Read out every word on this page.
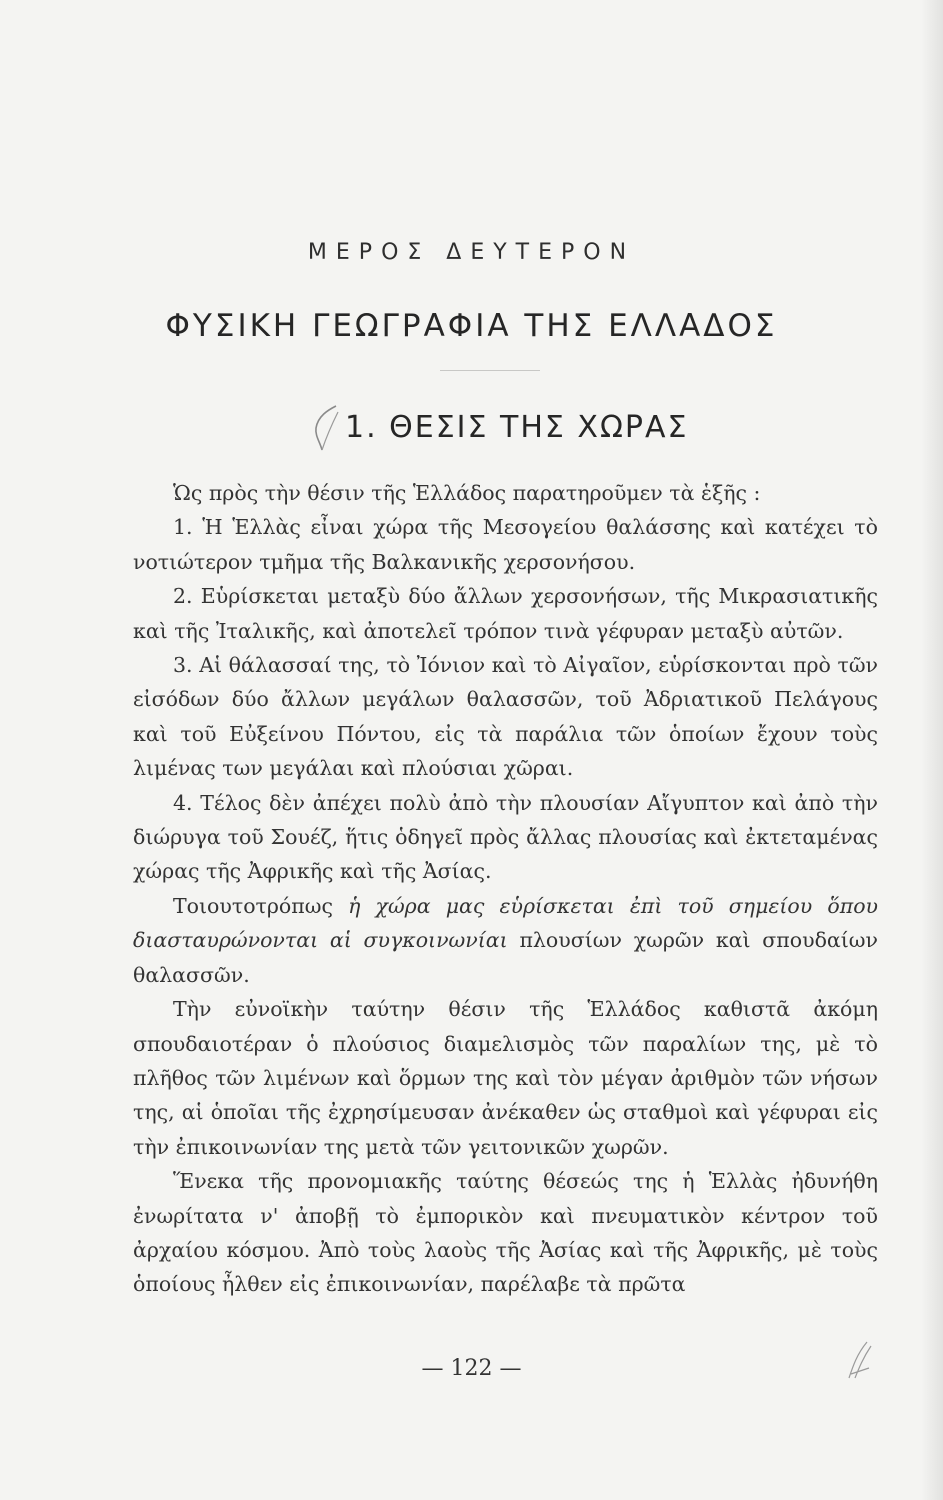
ΜΕΡΟΣ ΔΕΥΤΕΡΟΝ
ΦΥΣΙΚΗ ΓΕΩΓΡΑΦΙΑ ΤΗΣ ΕΛΛΑΔΟΣ
1. ΘΕΣΙΣ ΤΗΣ ΧΩΡΑΣ

Ὡς πρὸς τὴν θέσιν τῆς Ἑλλάδος παρατηροῦμεν τὰ ἑξῆς :

1. Ἡ Ἑλλὰς εἶναι χώρα τῆς Μεσογείου θαλάσσης καὶ κατέχει τὸ νοτιώτερον τμῆμα τῆς Βαλκανικῆς χερσονήσου.

2. Εὑρίσκεται μεταξὺ δύο ἄλλων χερσονήσων, τῆς Μικρασιατικῆς καὶ τῆς Ἰταλικῆς, καὶ ἀποτελεῖ τρόπον τινὰ γέφυραν μεταξὺ αὐτῶν.

3. Αἱ θάλασσαί της, τὸ Ἰόνιον καὶ τὸ Αἰγαῖον, εὑρίσκονται πρὸ τῶν εἰσόδων δύο ἄλλων μεγάλων θαλασσῶν, τοῦ Ἀδριατικοῦ Πελάγους καὶ τοῦ Εὐξείνου Πόντου, εἰς τὰ παράλια τῶν ὁποίων ἔχουν τοὺς λιμένας των μεγάλαι καὶ πλούσιαι χῶραι.

4. Τέλος δὲν ἀπέχει πολὺ ἀπὸ τὴν πλουσίαν Αἴγυπτον καὶ ἀπὸ τὴν διώρυγα τοῦ Σουέζ, ἥτις ὁδηγεῖ πρὸς ἄλλας πλουσίας καὶ ἐκτεταμένας χώρας τῆς Ἀφρικῆς καὶ τῆς Ἀσίας.

Τοιουτοτρόπως ἡ χώρα μας εὑρίσκεται ἐπὶ τοῦ σημείου ὅπου διασταυρώνονται αἱ συγκοινωνίαι πλουσίων χωρῶν καὶ σπουδαίων θαλασσῶν.

Τὴν εὐνοϊκὴν ταύτην θέσιν τῆς Ἑλλάδος καθιστᾶ ἀκόμη σπουδαιοτέραν ὁ πλούσιος διαμελισμὸς τῶν παραλίων της, μὲ τὸ πλῆθος τῶν λιμένων καὶ ὅρμων της καὶ τὸν μέγαν ἀριθμὸν τῶν νήσων της, αἱ ὁποῖαι τῆς ἐχρησίμευσαν ἀνέκαθεν ὡς σταθμοὶ καὶ γέφυραι εἰς τὴν ἐπικοινωνίαν της μετὰ τῶν γειτονικῶν χωρῶν.

Ἕνεκα τῆς προνομιακῆς ταύτης θέσεώς της ἡ Ἑλλὰς ἠδυνήθη ἐνωρίτατα ν' ἀποβῇ τὸ ἐμπορικὸν καὶ πνευματικὸν κέντρον τοῦ ἀρχαίου κόσμου. Ἀπὸ τοὺς λαοὺς τῆς Ἀσίας καὶ τῆς Ἀφρικῆς, μὲ τοὺς ὁποίους ἦλθεν εἰς ἐπικοινωνίαν, παρέλαβε τὰ πρῶτα

— 122 —
